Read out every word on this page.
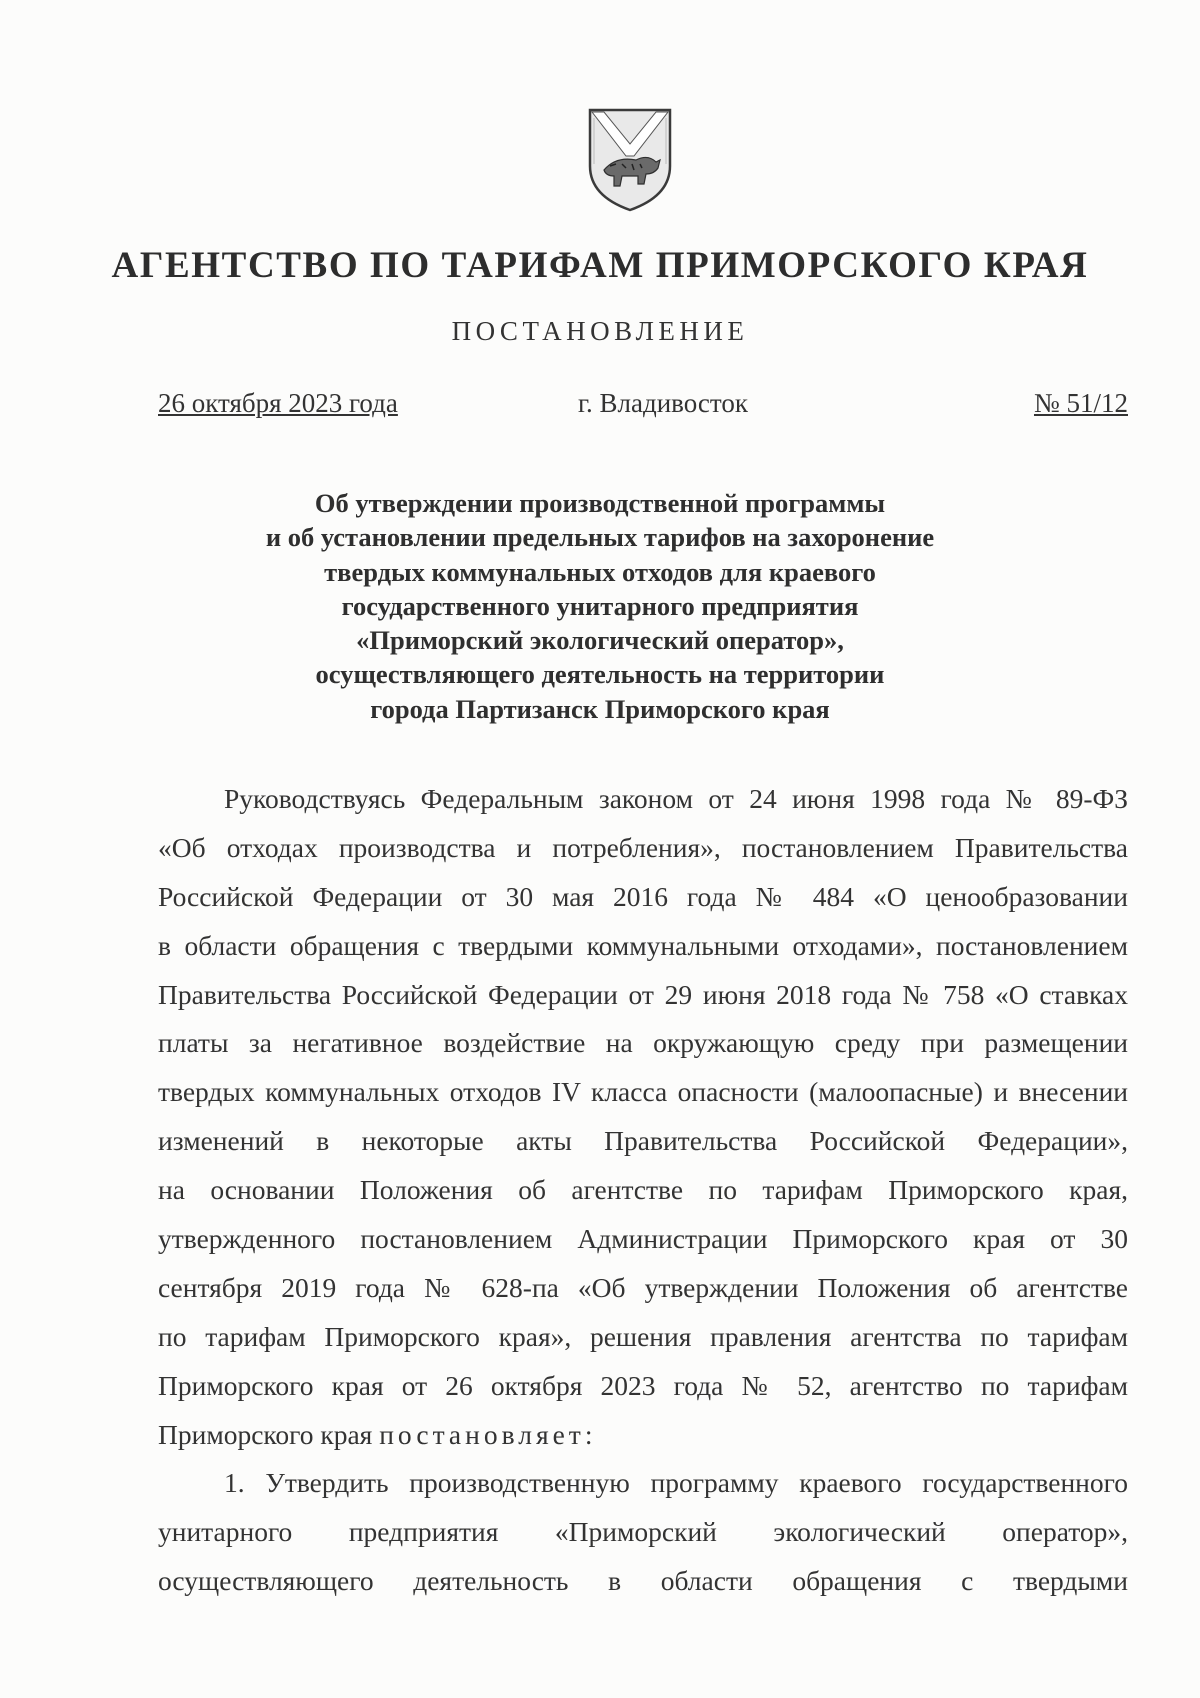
АГЕНТСТВО ПО ТАРИФАМ ПРИМОРСКОГО КРАЯ
ПОСТАНОВЛЕНИЕ
26 октября 2023 года	г. Владивосток	№ 51/12
Об утверждении производственной программы
и об установлении предельных тарифов на захоронение
твердых коммунальных отходов для краевого
государственного унитарного предприятия
«Приморский экологический оператор»,
осуществляющего деятельность на территории
города Партизанск Приморского края
Руководствуясь Федеральным законом от 24 июня 1998 года № 89-ФЗ
«Об отходах производства и потребления», постановлением Правительства
Российской Федерации от 30 мая 2016 года № 484 «О ценообразовании
в области обращения с твердыми коммунальными отходами», постановлением
Правительства Российской Федерации от 29 июня 2018 года № 758 «О ставках
платы за негативное воздействие на окружающую среду при размещении
твердых коммунальных отходов IV класса опасности (малоопасные) и внесении
изменений в некоторые акты Правительства Российской Федерации»,
на основании Положения об агентстве по тарифам Приморского края,
утвержденного постановлением Администрации Приморского края от 30
сентября 2019 года № 628-па «Об утверждении Положения об агентстве
по тарифам Приморского края», решения правления агентства по тарифам
Приморского края от 26 октября 2023 года № 52, агентство по тарифам
Приморского края постановляет:
1. Утвердить производственную программу краевого государственного
унитарного предприятия «Приморский экологический оператор»,
осуществляющего деятельность в области обращения с твердыми
